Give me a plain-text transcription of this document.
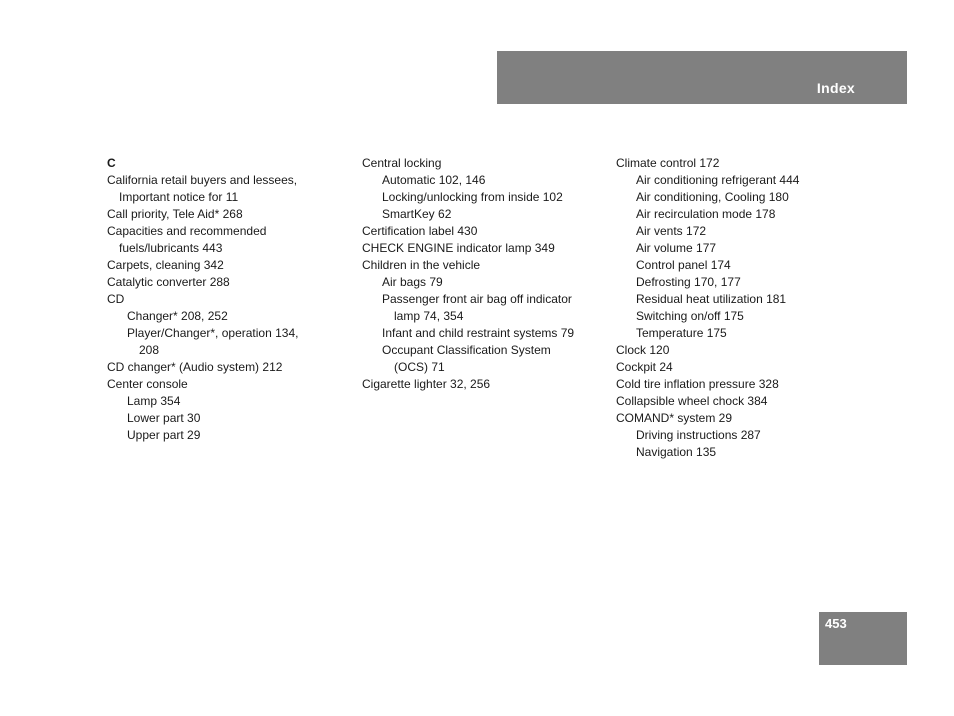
Index
C
California retail buyers and lessees,
Important notice for 11
Call priority, Tele Aid* 268
Capacities and recommended
fuels/lubricants 443
Carpets, cleaning 342
Catalytic converter 288
CD
Changer* 208, 252
Player/Changer*, operation 134,
208
CD changer* (Audio system) 212
Center console
Lamp 354
Lower part 30
Upper part 29
Central locking
Automatic 102, 146
Locking/unlocking from inside 102
SmartKey 62
Certification label 430
CHECK ENGINE indicator lamp 349
Children in the vehicle
Air bags 79
Passenger front air bag off indicator
lamp 74, 354
Infant and child restraint systems 79
Occupant Classification System
(OCS) 71
Cigarette lighter 32, 256
Climate control 172
Air conditioning refrigerant 444
Air conditioning, Cooling 180
Air recirculation mode 178
Air vents 172
Air volume 177
Control panel 174
Defrosting 170, 177
Residual heat utilization 181
Switching on/off 175
Temperature 175
Clock 120
Cockpit 24
Cold tire inflation pressure 328
Collapsible wheel chock 384
COMAND* system 29
Driving instructions 287
Navigation 135
453
